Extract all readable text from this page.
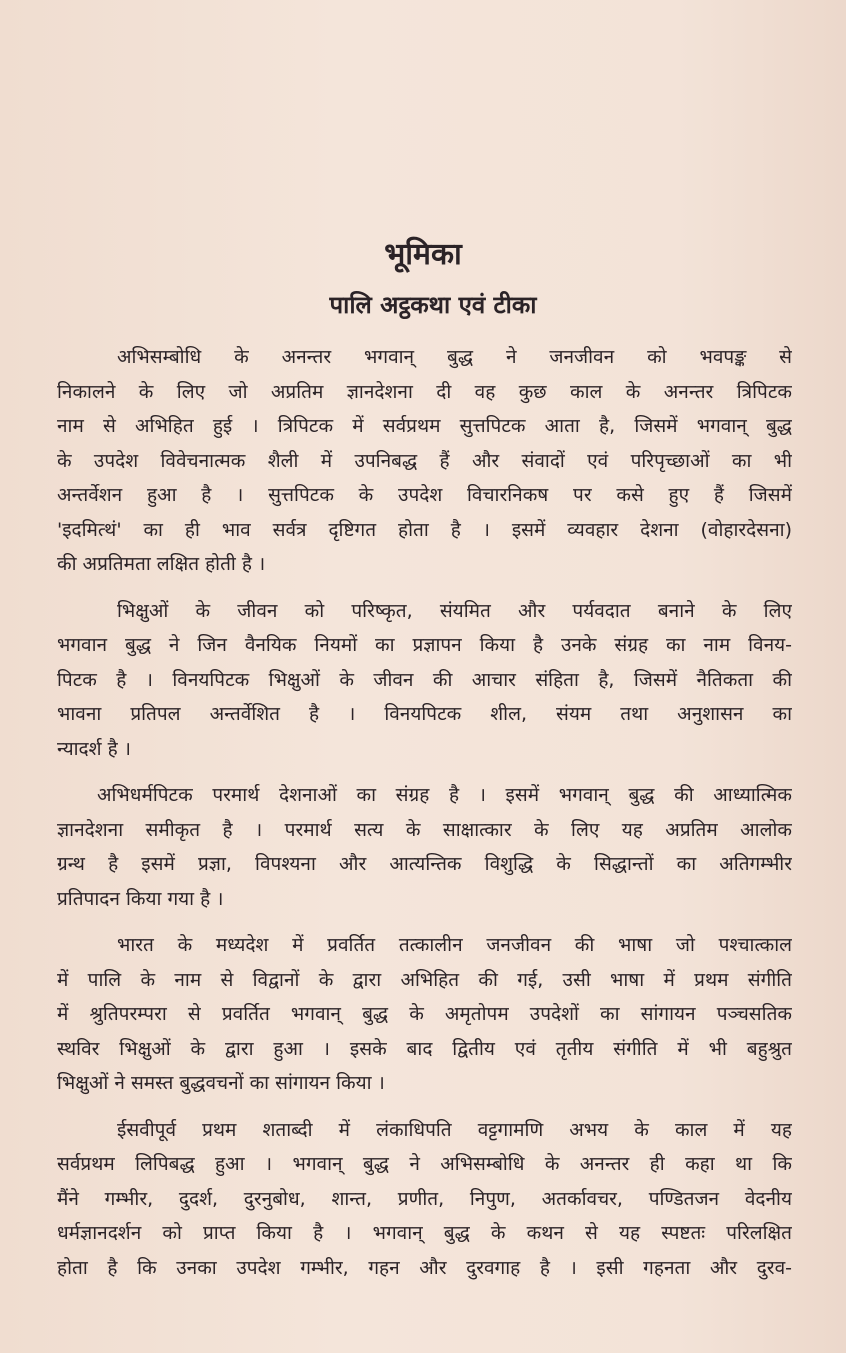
भूमिका
पालि अट्ठकथा एवं टीका
अभिसम्बोधि के अनन्तर भगवान् बुद्ध ने जनजीवन को भवपङ्क से
निकालने के लिए जो अप्रतिम ज्ञानदेशना दी वह कुछ काल के अनन्तर त्रिपिटक
नाम से अभिहित हुई । त्रिपिटक में सर्वप्रथम सुत्तपिटक आता है, जिसमें भगवान् बुद्ध
के उपदेश विवेचनात्मक शैली में उपनिबद्ध हैं और संवादों एवं परिपृच्छाओं का भी
अन्तर्वेशन हुआ है । सुत्तपिटक के उपदेश विचारनिकष पर कसे हुए हैं जिसमें
'इदमित्थं' का ही भाव सर्वत्र दृष्टिगत होता है । इसमें व्यवहार देशना (वोहारदेसना)
की अप्रतिमता लक्षित होती है ।
भिक्षुओं के जीवन को परिष्कृत, संयमित और पर्यवदात बनाने के लिए
भगवान बुद्ध ने जिन वैनयिक नियमों का प्रज्ञापन किया है उनके संग्रह का नाम विनय-
पिटक है । विनयपिटक भिक्षुओं के जीवन की आचार संहिता है, जिसमें नैतिकता की
भावना प्रतिपल अन्तर्वेशित है । विनयपिटक शील, संयम तथा अनुशासन का
न्यादर्श है ।
अभिधर्मपिटक परमार्थ देशनाओं का संग्रह है । इसमें भगवान् बुद्ध की आध्यात्मिक
ज्ञानदेशना समीकृत है । परमार्थ सत्य के साक्षात्कार के लिए यह अप्रतिम आलोक
ग्रन्थ है इसमें प्रज्ञा, विपश्यना और आत्यन्तिक विशुद्धि के सिद्धान्तों का अतिगम्भीर
प्रतिपादन किया गया है ।
भारत के मध्यदेश में प्रवर्तित तत्कालीन जनजीवन की भाषा जो पश्चात्काल
में पालि के नाम से विद्वानों के द्वारा अभिहित की गई, उसी भाषा में प्रथम संगीति
में श्रुतिपरम्परा से प्रवर्तित भगवान् बुद्ध के अमृतोपम उपदेशों का सांगायन पञ्चसतिक
स्थविर भिक्षुओं के द्वारा हुआ । इसके बाद द्वितीय एवं तृतीय संगीति में भी बहुश्रुत
भिक्षुओं ने समस्त बुद्धवचनों का सांगायन किया ।
ईसवीपूर्व प्रथम शताब्दी में लंकाधिपति वट्टगामणि अभय के काल में यह
सर्वप्रथम लिपिबद्ध हुआ । भगवान् बुद्ध ने अभिसम्बोधि के अनन्तर ही कहा था कि
मैंने गम्भीर, दुदर्श, दुरनुबोध, शान्त, प्रणीत, निपुण, अतर्कावचर, पण्डितजन वेदनीय
धर्मज्ञानदर्शन को प्राप्त किया है । भगवान् बुद्ध के कथन से यह स्पष्टतः परिलक्षित
होता है कि उनका उपदेश गम्भीर, गहन और दुरवगाह है । इसी गहनता और दुरव-
